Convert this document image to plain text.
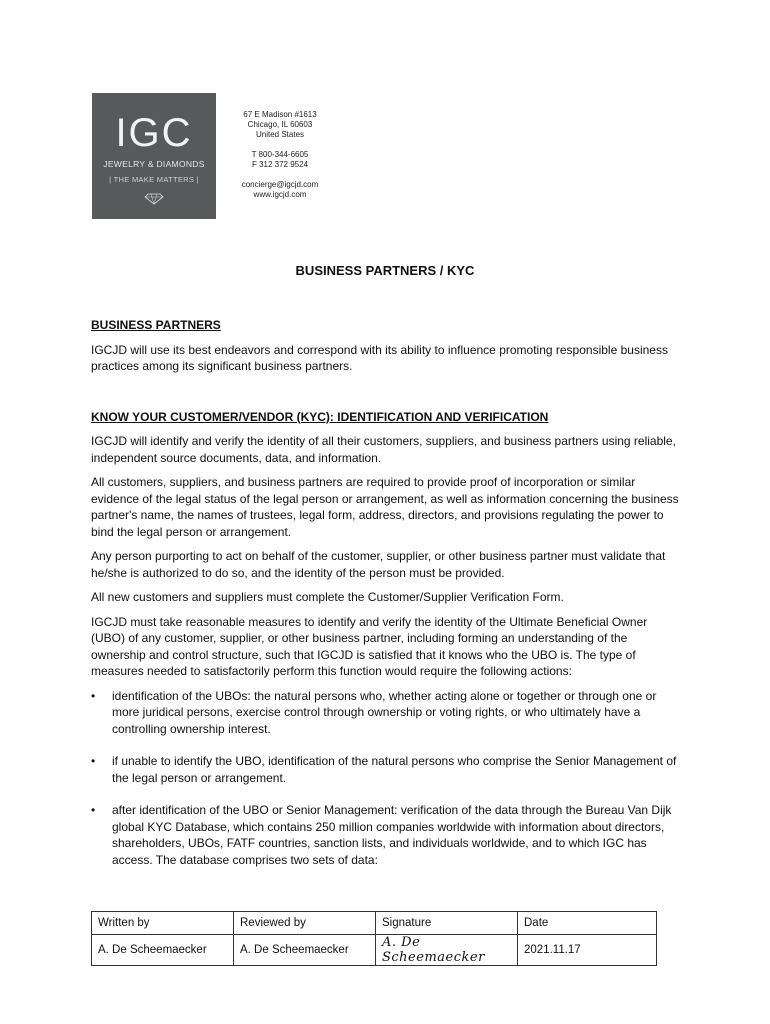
IGC
JEWELRY & DIAMONDS
| THE MAKE MATTERS |
67 E Madison #1613
Chicago, IL 60603
United States
T 800-344-6605
F 312 372 9524
concierge@igcjd.com
www.igcjd.com
BUSINESS PARTNERS / KYC
BUSINESS PARTNERS

IGCJD will use its best endeavors and correspond with its ability to influence promoting responsible business practices among its significant business partners.

KNOW YOUR CUSTOMER/VENDOR (KYC): IDENTIFICATION AND VERIFICATION

IGCJD will identify and verify the identity of all their customers, suppliers, and business partners using reliable, independent source documents, data, and information.

All customers, suppliers, and business partners are required to provide proof of incorporation or similar evidence of the legal status of the legal person or arrangement, as well as information concerning the business partner's name, the names of trustees, legal form, address, directors, and provisions regulating the power to bind the legal person or arrangement.

Any person purporting to act on behalf of the customer, supplier, or other business partner must validate that he/she is authorized to do so, and the identity of the person must be provided.

All new customers and suppliers must complete the Customer/Supplier Verification Form.

IGCJD must take reasonable measures to identify and verify the identity of the Ultimate Beneficial Owner (UBO) of any customer, supplier, or other business partner, including forming an understanding of the ownership and control structure, such that IGCJD is satisfied that it knows who the UBO is. The type of measures needed to satisfactorily perform this function would require the following actions:

• identification of the UBOs: the natural persons who, whether acting alone or together or through one or more juridical persons, exercise control through ownership or voting rights, or who ultimately have a controlling ownership interest.
• if unable to identify the UBO, identification of the natural persons who comprise the Senior Management of the legal person or arrangement.
• after identification of the UBO or Senior Management: verification of the data through the Bureau Van Dijk global KYC Database, which contains 250 million companies worldwide with information about directors, shareholders, UBOs, FATF countries, sanction lists, and individuals worldwide, and to which IGC has access. The database comprises two sets of data:
Written by	Reviewed by	Signature	Date
A. De Scheemaecker	A. De Scheemaecker	A. De Scheemaecker	2021.11.17
